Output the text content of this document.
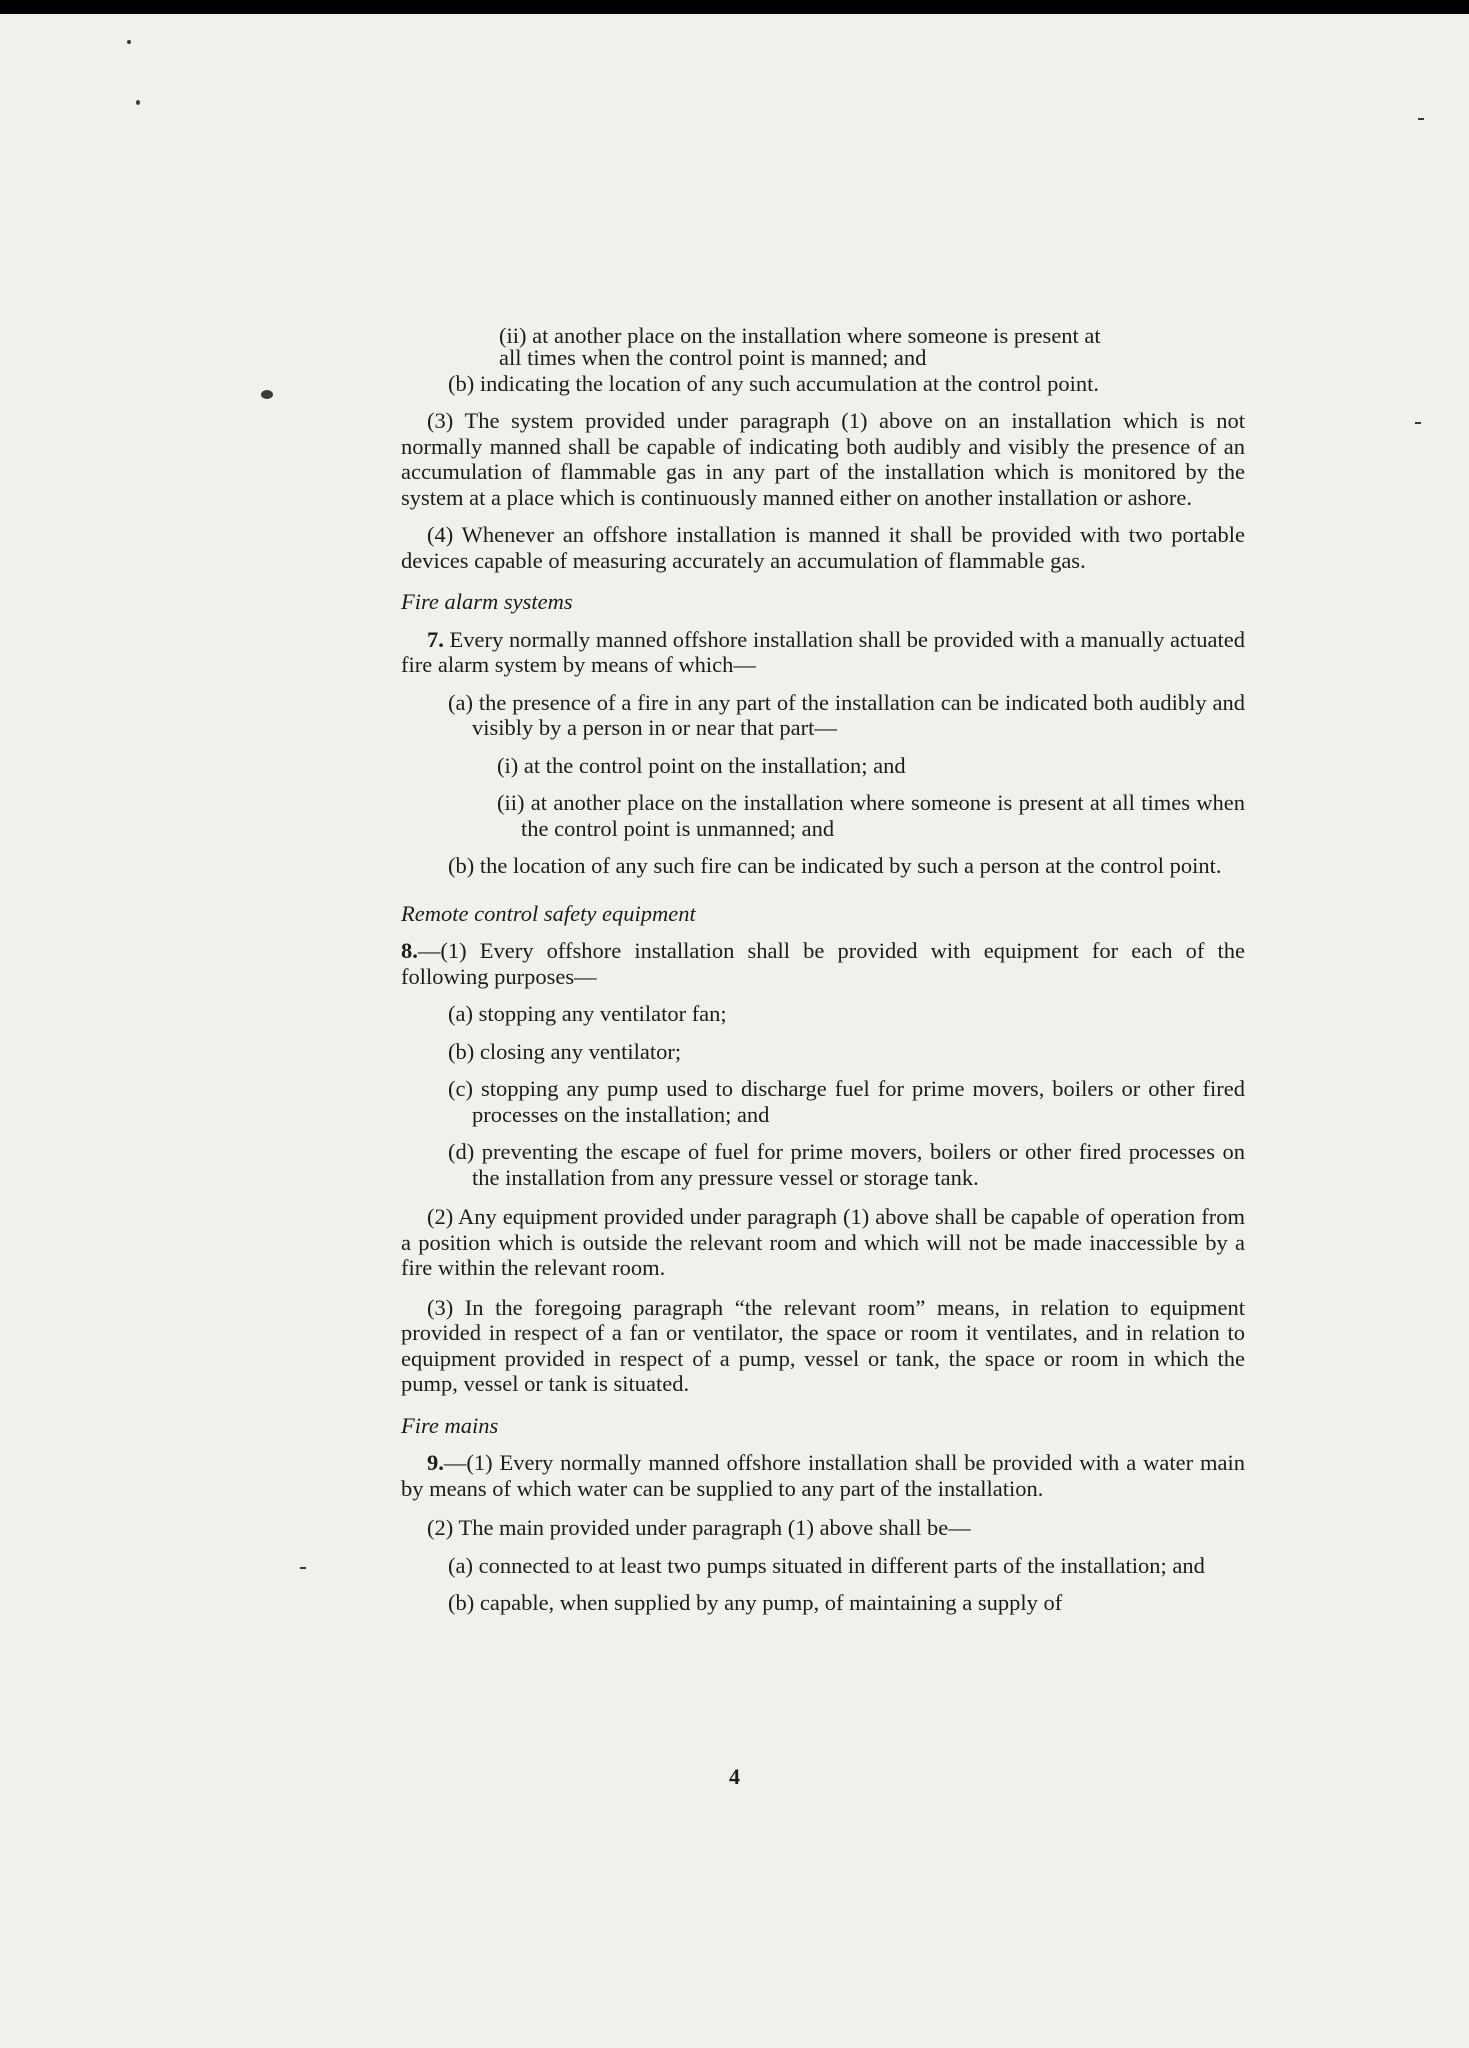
(ii) at another place on the installation where someone is present at
all times when the control point is manned; and
(b) indicating the location of any such accumulation at the control point.
(3) The system provided under paragraph (1) above on an installation which is not normally manned shall be capable of indicating both audibly and visibly the presence of an accumulation of flammable gas in any part of the installation which is monitored by the system at a place which is continuously manned either on another installation or ashore.
(4) Whenever an offshore installation is manned it shall be provided with two portable devices capable of measuring accurately an accumulation of flammable gas.
Fire alarm systems
7. Every normally manned offshore installation shall be provided with a manually actuated fire alarm system by means of which—
(a) the presence of a fire in any part of the installation can be indicated both audibly and visibly by a person in or near that part—
(i) at the control point on the installation; and
(ii) at another place on the installation where someone is present at all times when the control point is unmanned; and
(b) the location of any such fire can be indicated by such a person at the control point.
Remote control safety equipment
8.—(1) Every offshore installation shall be provided with equipment for each of the following purposes—
(a) stopping any ventilator fan;
(b) closing any ventilator;
(c) stopping any pump used to discharge fuel for prime movers, boilers or other fired processes on the installation; and
(d) preventing the escape of fuel for prime movers, boilers or other fired processes on the installation from any pressure vessel or storage tank.
(2) Any equipment provided under paragraph (1) above shall be capable of operation from a position which is outside the relevant room and which will not be made inaccessible by a fire within the relevant room.
(3) In the foregoing paragraph “the relevant room” means, in relation to equipment provided in respect of a fan or ventilator, the space or room it ventilates, and in relation to equipment provided in respect of a pump, vessel or tank, the space or room in which the pump, vessel or tank is situated.
Fire mains
9.—(1) Every normally manned offshore installation shall be provided with a water main by means of which water can be supplied to any part of the installation.
(2) The main provided under paragraph (1) above shall be—
(a) connected to at least two pumps situated in different parts of the installation; and
(b) capable, when supplied by any pump, of maintaining a supply of
4
